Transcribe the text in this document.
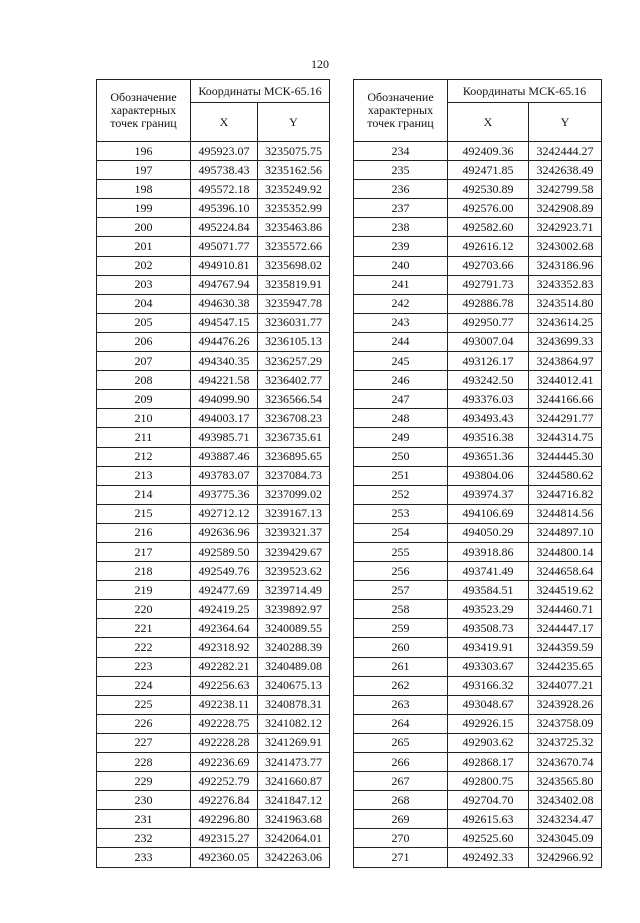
120
Обозначение характерных точек границ	Координаты МСК-65.16	
	X	Y
196	495923.07	3235075.75
197	495738.43	3235162.56
198	495572.18	3235249.92
199	495396.10	3235352.99
200	495224.84	3235463.86
201	495071.77	3235572.66
202	494910.81	3235698.02
203	494767.94	3235819.91
204	494630.38	3235947.78
205	494547.15	3236031.77
206	494476.26	3236105.13
207	494340.35	3236257.29
208	494221.58	3236402.77
209	494099.90	3236566.54
210	494003.17	3236708.23
211	493985.71	3236735.61
212	493887.46	3236895.65
213	493783.07	3237084.73
214	493775.36	3237099.02
215	492712.12	3239167.13
216	492636.96	3239321.37
217	492589.50	3239429.67
218	492549.76	3239523.62
219	492477.69	3239714.49
220	492419.25	3239892.97
221	492364.64	3240089.55
222	492318.92	3240288.39
223	492282.21	3240489.08
224	492256.63	3240675.13
225	492238.11	3240878.31
226	492228.75	3241082.12
227	492228.28	3241269.91
228	492236.69	3241473.77
229	492252.79	3241660.87
230	492276.84	3241847.12
231	492296.80	3241963.68
232	492315.27	3242064.01
233	492360.05	3242263.06
Обозначение характерных точек границ	Координаты МСК-65.16	
	X	Y
234	492409.36	3242444.27
235	492471.85	3242638.49
236	492530.89	3242799.58
237	492576.00	3242908.89
238	492582.60	3242923.71
239	492616.12	3243002.68
240	492703.66	3243186.96
241	492791.73	3243352.83
242	492886.78	3243514.80
243	492950.77	3243614.25
244	493007.04	3243699.33
245	493126.17	3243864.97
246	493242.50	3244012.41
247	493376.03	3244166.66
248	493493.43	3244291.77
249	493516.38	3244314.75
250	493651.36	3244445.30
251	493804.06	3244580.62
252	493974.37	3244716.82
253	494106.69	3244814.56
254	494050.29	3244897.10
255	493918.86	3244800.14
256	493741.49	3244658.64
257	493584.51	3244519.62
258	493523.29	3244460.71
259	493508.73	3244447.17
260	493419.91	3244359.59
261	493303.67	3244235.65
262	493166.32	3244077.21
263	493048.67	3243928.26
264	492926.15	3243758.09
265	492903.62	3243725.32
266	492868.17	3243670.74
267	492800.75	3243565.80
268	492704.70	3243402.08
269	492615.63	3243234.47
270	492525.60	3243045.09
271	492492.33	3242966.92
